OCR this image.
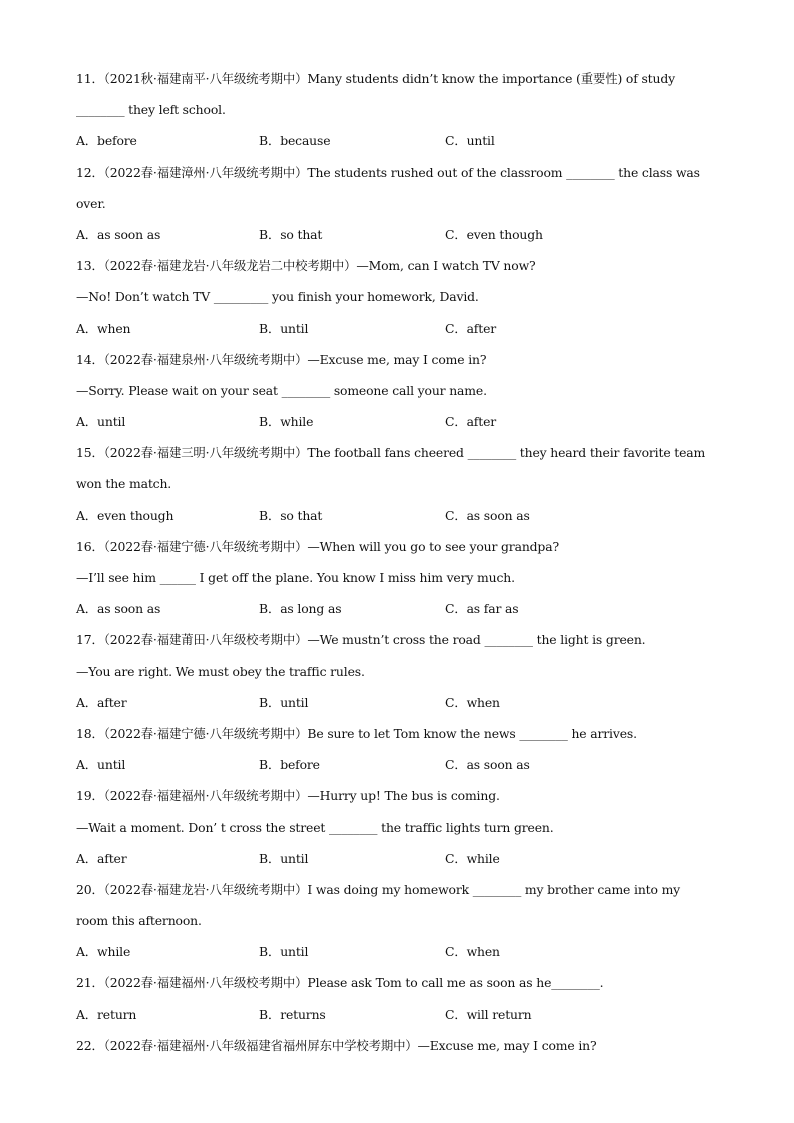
11．（2021秋·福建南平·八年级统考期中）Many students didn’t know the importance (重要性) of study
________ they left school.
A．before	B．because	C．until
12．（2022春·福建漳州·八年级统考期中）The students rushed out of the classroom ________ the class was
over.
A．as soon as	B．so that	C．even though
13．（2022春·福建龙岩·八年级龙岩二中校考期中）—Mom, can I watch TV now?
—No! Don’t watch TV _________ you finish your homework, David.
A．when	B．until	C．after
14．（2022春·福建泉州·八年级统考期中）—Excuse me, may I come in?
—Sorry. Please wait on your seat ________ someone call your name.
A．until	B．while	C．after
15．（2022春·福建三明·八年级统考期中）The football fans cheered ________ they heard their favorite team
won the match.
A．even though	B．so that	C．as soon as
16．（2022春·福建宁德·八年级统考期中）—When will you go to see your grandpa?
—I’ll see him ______ I get off the plane. You know I miss him very much.
A．as soon as	B．as long as	C．as far as
17．（2022春·福建莆田·八年级校考期中）—We mustn’t cross the road ________ the light is green.
—You are right. We must obey the traffic rules.
A．after	B．until	C．when
18．（2022春·福建宁德·八年级统考期中）Be sure to let Tom know the news ________ he arrives.
A．until	B．before	C．as soon as
19．（2022春·福建福州·八年级统考期中）—Hurry up! The bus is coming.
—Wait a moment. Don’ t cross the street ________ the traffic lights turn green.
A．after	B．until	C．while
20．（2022春·福建龙岩·八年级统考期中）I was doing my homework ________ my brother came into my
room this afternoon.
A．while	B．until	C．when
21．（2022春·福建福州·八年级校考期中）Please ask Tom to call me as soon as he________.
A．return	B．returns	C．will return
22．（2022春·福建福州·八年级福建省福州屏东中学校考期中）—Excuse me, may I come in?
